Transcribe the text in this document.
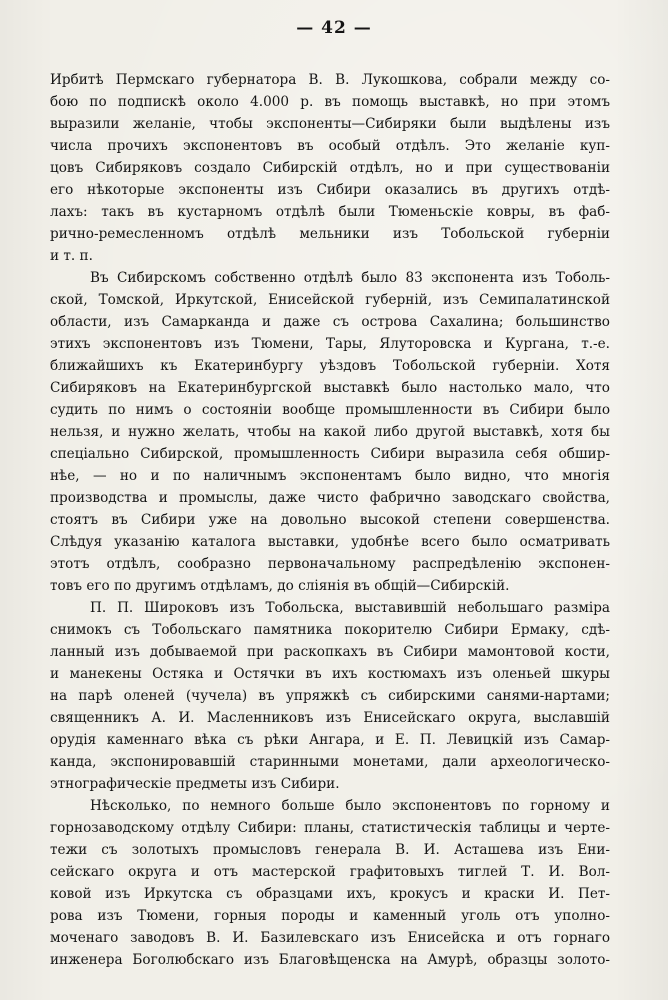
— 42 —
Ирбитѣ Пермскаго губернатора В. В. Лукошкова, собрали между со-
бою по подпискѣ около 4.000 р. въ помощь выставкѣ, но при этомъ
выразили желаніе, чтобы экспоненты—Сибиряки были выдѣлены изъ
числа прочихъ экспонентовъ въ особый отдѣлъ. Это желаніе куп-
цовъ Сибиряковъ создало Сибирскій отдѣлъ, но и при существованіи
его нѣкоторые экспоненты изъ Сибири оказались въ другихъ отдѣ-
лахъ: такъ въ кустарномъ отдѣлѣ были Тюменьскіе ковры, въ фаб-
рично-ремесленномъ отдѣлѣ мельники изъ Тобольской губерніи
и т. п.
Въ Сибирскомъ собственно отдѣлѣ было 83 экспонента изъ Тоболь-
ской, Томской, Иркутской, Енисейской губерній, изъ Семипалатинской
области, изъ Самарканда и даже съ острова Сахалина; большинство
этихъ экспонентовъ изъ Тюмени, Тары, Ялуторовска и Кургана, т.-е.
ближайшихъ къ Екатеринбургу уѣздовъ Тобольской губерніи. Хотя
Сибиряковъ на Екатеринбургской выставкѣ было настолько мало, что
судить по нимъ о состояніи вообще промышленности въ Сибири было
нельзя, и нужно желать, чтобы на какой либо другой выставкѣ, хотя бы
спеціально Сибирской, промышленность Сибири выразила себя обшир-
нѣе, — но и по наличнымъ экспонентамъ было видно, что многія
производства и промыслы, даже чисто фабрично заводскаго свойства,
стоятъ въ Сибири уже на довольно высокой степени совершенства.
Слѣдуя указанію каталога выставки, удобнѣе всего было осматривать
этотъ отдѣлъ, сообразно первоначальному распредѣленію экспонен-
товъ его по другимъ отдѣламъ, до слiянія въ общій—Сибирскій.
П. П. Широковъ изъ Тобольска, выставившій небольшаго разміра
снимокъ съ Тобольскаго памятника покорителю Сибири Ермаку, сдѣ-
ланный изъ добываемой при раскопкахъ въ Сибири мамонтовой кости,
и манекены Остяка и Остячки въ ихъ костюмахъ изъ оленьей шкуры
на парѣ оленей (чучела) въ упряжкѣ съ сибирскими санями-нартами;
священникъ А. И. Масленниковъ изъ Енисейскаго округа, выславшій
орудія каменнаго вѣка съ рѣки Ангара, и Е. П. Левицкій изъ Самар-
канда, экспонировавшій старинными монетами, дали археологическо-
этнографическіе предметы изъ Сибири.
Нѣсколько, по немного больше было экспонентовъ по горному и
горнозаводскому отдѣлу Сибири: планы, статистическія таблицы и черте-
тежи съ золотыхъ промысловъ генерала В. И. Асташева изъ Ени-
сейскаго округа и отъ мастерской графитовыхъ тиглей Т. И. Вол-
ковой изъ Иркутска съ образцами ихъ, крокусъ и краски И. Пет-
рова изъ Тюмени, горныя породы и каменный уголь отъ уполно-
моченаго заводовъ В. И. Базилевскаго изъ Енисейска и отъ горнаго
инженера Боголюбскаго изъ Благовѣщенска на Амурѣ, образцы золото-
